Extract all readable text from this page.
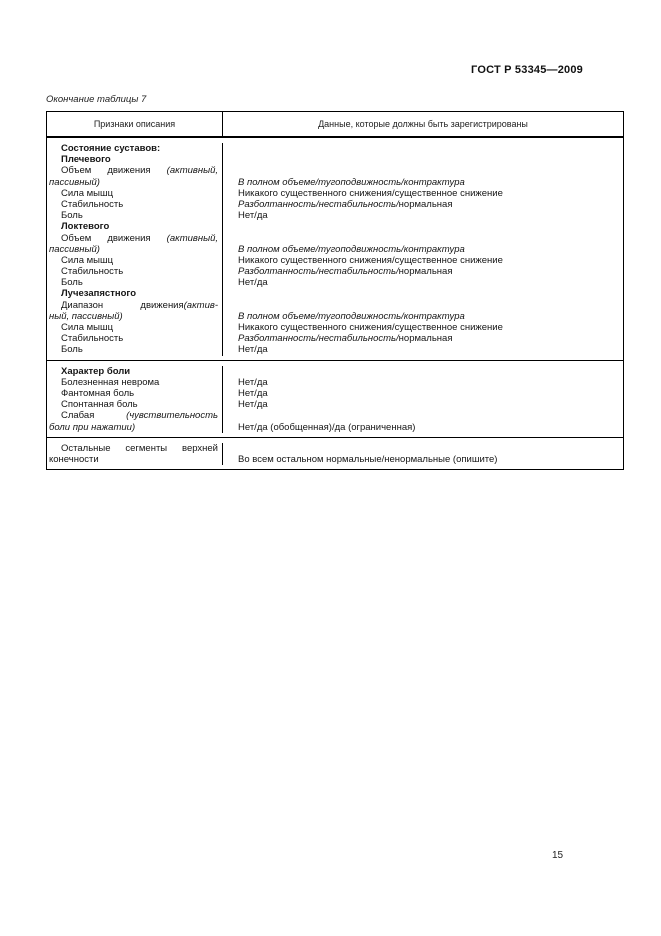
ГОСТ Р 53345—2009
Окончание таблицы 7
Признаки описания	Данные, которые должны быть зарегистрированы
Состояние суставов:
Плечевого
Объем движения (активный,
пассивный)
Сила мышц
Стабильность
Боль
Локтевого
Объем движения (активный,
пассивный)
Сила мышц
Стабильность
Боль
Лучезапястного
Диапазон движения(актив-
ный, пассивный)
Сила мышц
Стабильность
Боль
В полном объеме/тугоподвижность/контрактура
Никакого существенного снижения/существенное снижение
Разболтанность/нестабильность/нормальная
Нет/да
В полном объеме/тугоподвижность/контрактура
Никакого существенного снижения/существенное снижение
Разболтанность/нестабильность/нормальная
Нет/да
В полном объеме/тугоподвижность/контрактура
Никакого существенного снижения/существенное снижение
Разболтанность/нестабильность/нормальная
Нет/да
Характер боли
Болезненная неврома
Фантомная боль
Спонтанная боль
Слабая (чувствительность
боли при нажатии)
Нет/да
Нет/да
Нет/да
Нет/да (обобщенная)/да (ограниченная)
Остальные сегменты верхней
конечности	Во всем остальном нормальные/ненормальные (опишите)
15
